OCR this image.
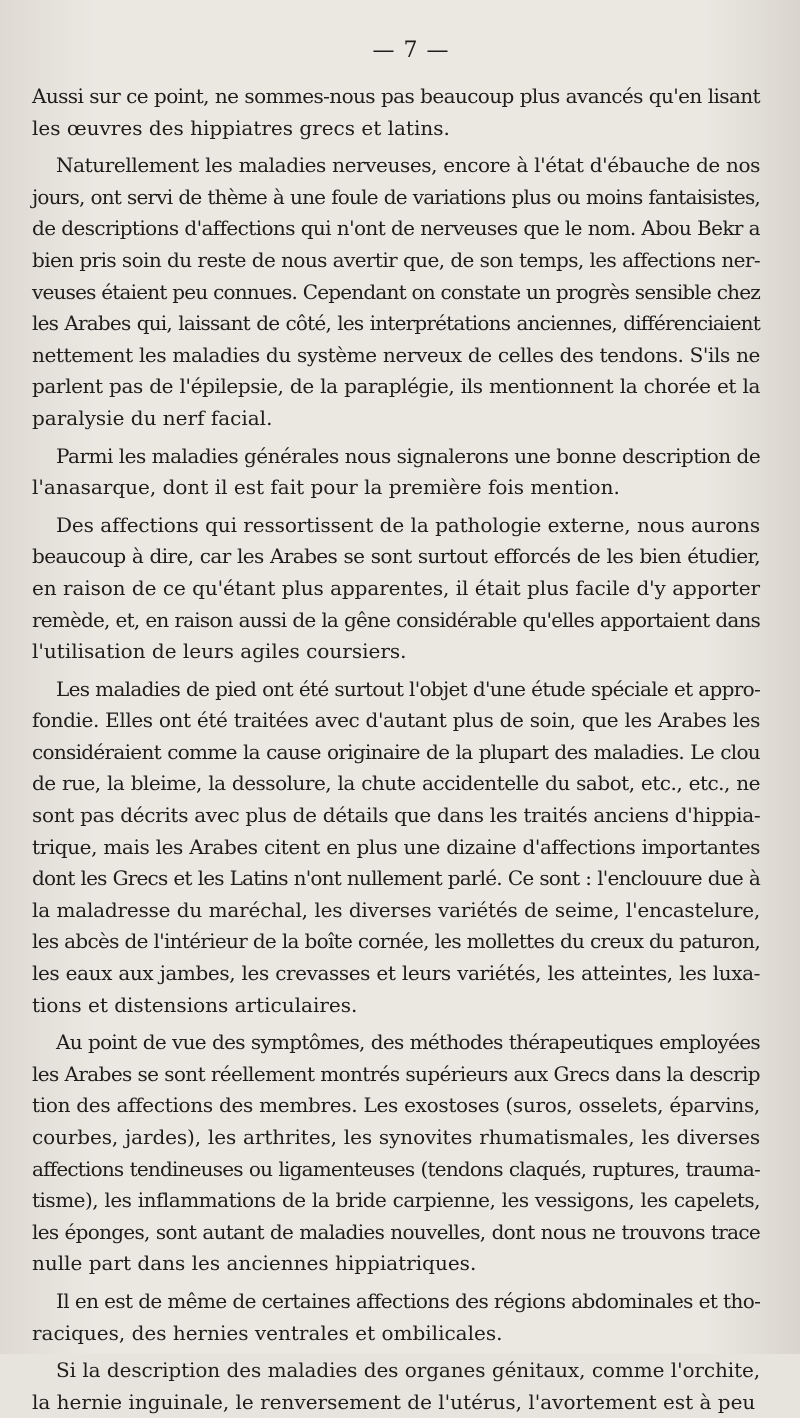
— 7 —
Aussi sur ce point, ne sommes-nous pas beaucoup plus avancés qu'en lisant
les œuvres des hippiatres grecs et latins.
Naturellement les maladies nerveuses, encore à l'état d'ébauche de nos
jours, ont servi de thème à une foule de variations plus ou moins fantaisistes,
de descriptions d'affections qui n'ont de nerveuses que le nom. Abou Bekr a
bien pris soin du reste de nous avertir que, de son temps, les affections ner-
veuses étaient peu connues. Cependant on constate un progrès sensible chez
les Arabes qui, laissant de côté, les interprétations anciennes, différenciaient
nettement les maladies du système nerveux de celles des tendons. S'ils ne
parlent pas de l'épilepsie, de la paraplégie, ils mentionnent la chorée et la
paralysie du nerf facial.
Parmi les maladies générales nous signalerons une bonne description de
l'anasarque, dont il est fait pour la première fois mention.
Des affections qui ressortissent de la pathologie externe, nous aurons
beaucoup à dire, car les Arabes se sont surtout efforcés de les bien étudier,
en raison de ce qu'étant plus apparentes, il était plus facile d'y apporter
remède, et, en raison aussi de la gêne considérable qu'elles apportaient dans
l'utilisation de leurs agiles coursiers.
Les maladies de pied ont été surtout l'objet d'une étude spéciale et appro-
fondie. Elles ont été traitées avec d'autant plus de soin, que les Arabes les
considéraient comme la cause originaire de la plupart des maladies. Le clou
de rue, la bleime, la dessolure, la chute accidentelle du sabot, etc., etc., ne
sont pas décrits avec plus de détails que dans les traités anciens d'hippia-
trique, mais les Arabes citent en plus une dizaine d'affections importantes
dont les Grecs et les Latins n'ont nullement parlé. Ce sont : l'enclouure due à
la maladresse du maréchal, les diverses variétés de seime, l'encastelure,
les abcès de l'intérieur de la boîte cornée, les mollettes du creux du paturon,
les eaux aux jambes, les crevasses et leurs variétés, les atteintes, les luxa-
tions et distensions articulaires.
Au point de vue des symptômes, des méthodes thérapeutiques employées
les Arabes se sont réellement montrés supérieurs aux Grecs dans la descrip
tion des affections des membres. Les exostoses (suros, osselets, éparvins,
courbes, jardes), les arthrites, les synovites rhumatismales, les diverses
affections tendineuses ou ligamenteuses (tendons claqués, ruptures, trauma-
tisme), les inflammations de la bride carpienne, les vessigons, les capelets,
les éponges, sont autant de maladies nouvelles, dont nous ne trouvons trace
nulle part dans les anciennes hippiatriques.
Il en est de même de certaines affections des régions abdominales et tho-
raciques, des hernies ventrales et ombilicales.
Si la description des maladies des organes génitaux, comme l'orchite,
la hernie inguinale, le renversement de l'utérus, l'avortement est à peu
